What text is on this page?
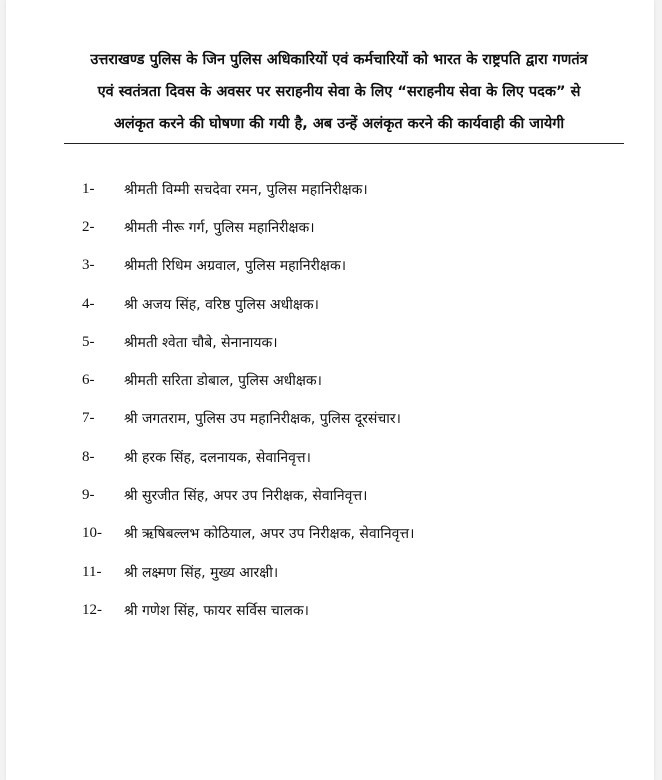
उत्तराखण्ड पुलिस के जिन पुलिस अधिकारियों एवं कर्मचारियों को भारत के राष्ट्रपति द्वारा गणतंत्र
एवं स्वतंत्रता दिवस के अवसर पर सराहनीय सेवा के लिए “सराहनीय सेवा के लिए पदक” से
अलंकृत करने की घोषणा की गयी है, अब उन्हें अलंकृत करने की कार्यवाही की जायेगी
1-	श्रीमती विम्मी सचदेवा रमन, पुलिस महानिरीक्षक।
2-	श्रीमती नीरू गर्ग, पुलिस महानिरीक्षक।
3-	श्रीमती रिधिम अग्रवाल, पुलिस महानिरीक्षक।
4-	श्री अजय सिंह, वरिष्ठ पुलिस अधीक्षक।
5-	श्रीमती श्वेता चौबे, सेनानायक।
6-	श्रीमती सरिता डोबाल, पुलिस अधीक्षक।
7-	श्री जगतराम, पुलिस उप महानिरीक्षक, पुलिस दूरसंचार।
8-	श्री हरक सिंह, दलनायक, सेवानिवृत्त।
9-	श्री सुरजीत सिंह, अपर उप निरीक्षक, सेवानिवृत्त।
10-	श्री ऋषिबल्लभ कोठियाल, अपर उप निरीक्षक, सेवानिवृत्त।
11-	श्री लक्ष्मण सिंह, मुख्य आरक्षी।
12-	श्री गणेश सिंह, फायर सर्विस चालक।
